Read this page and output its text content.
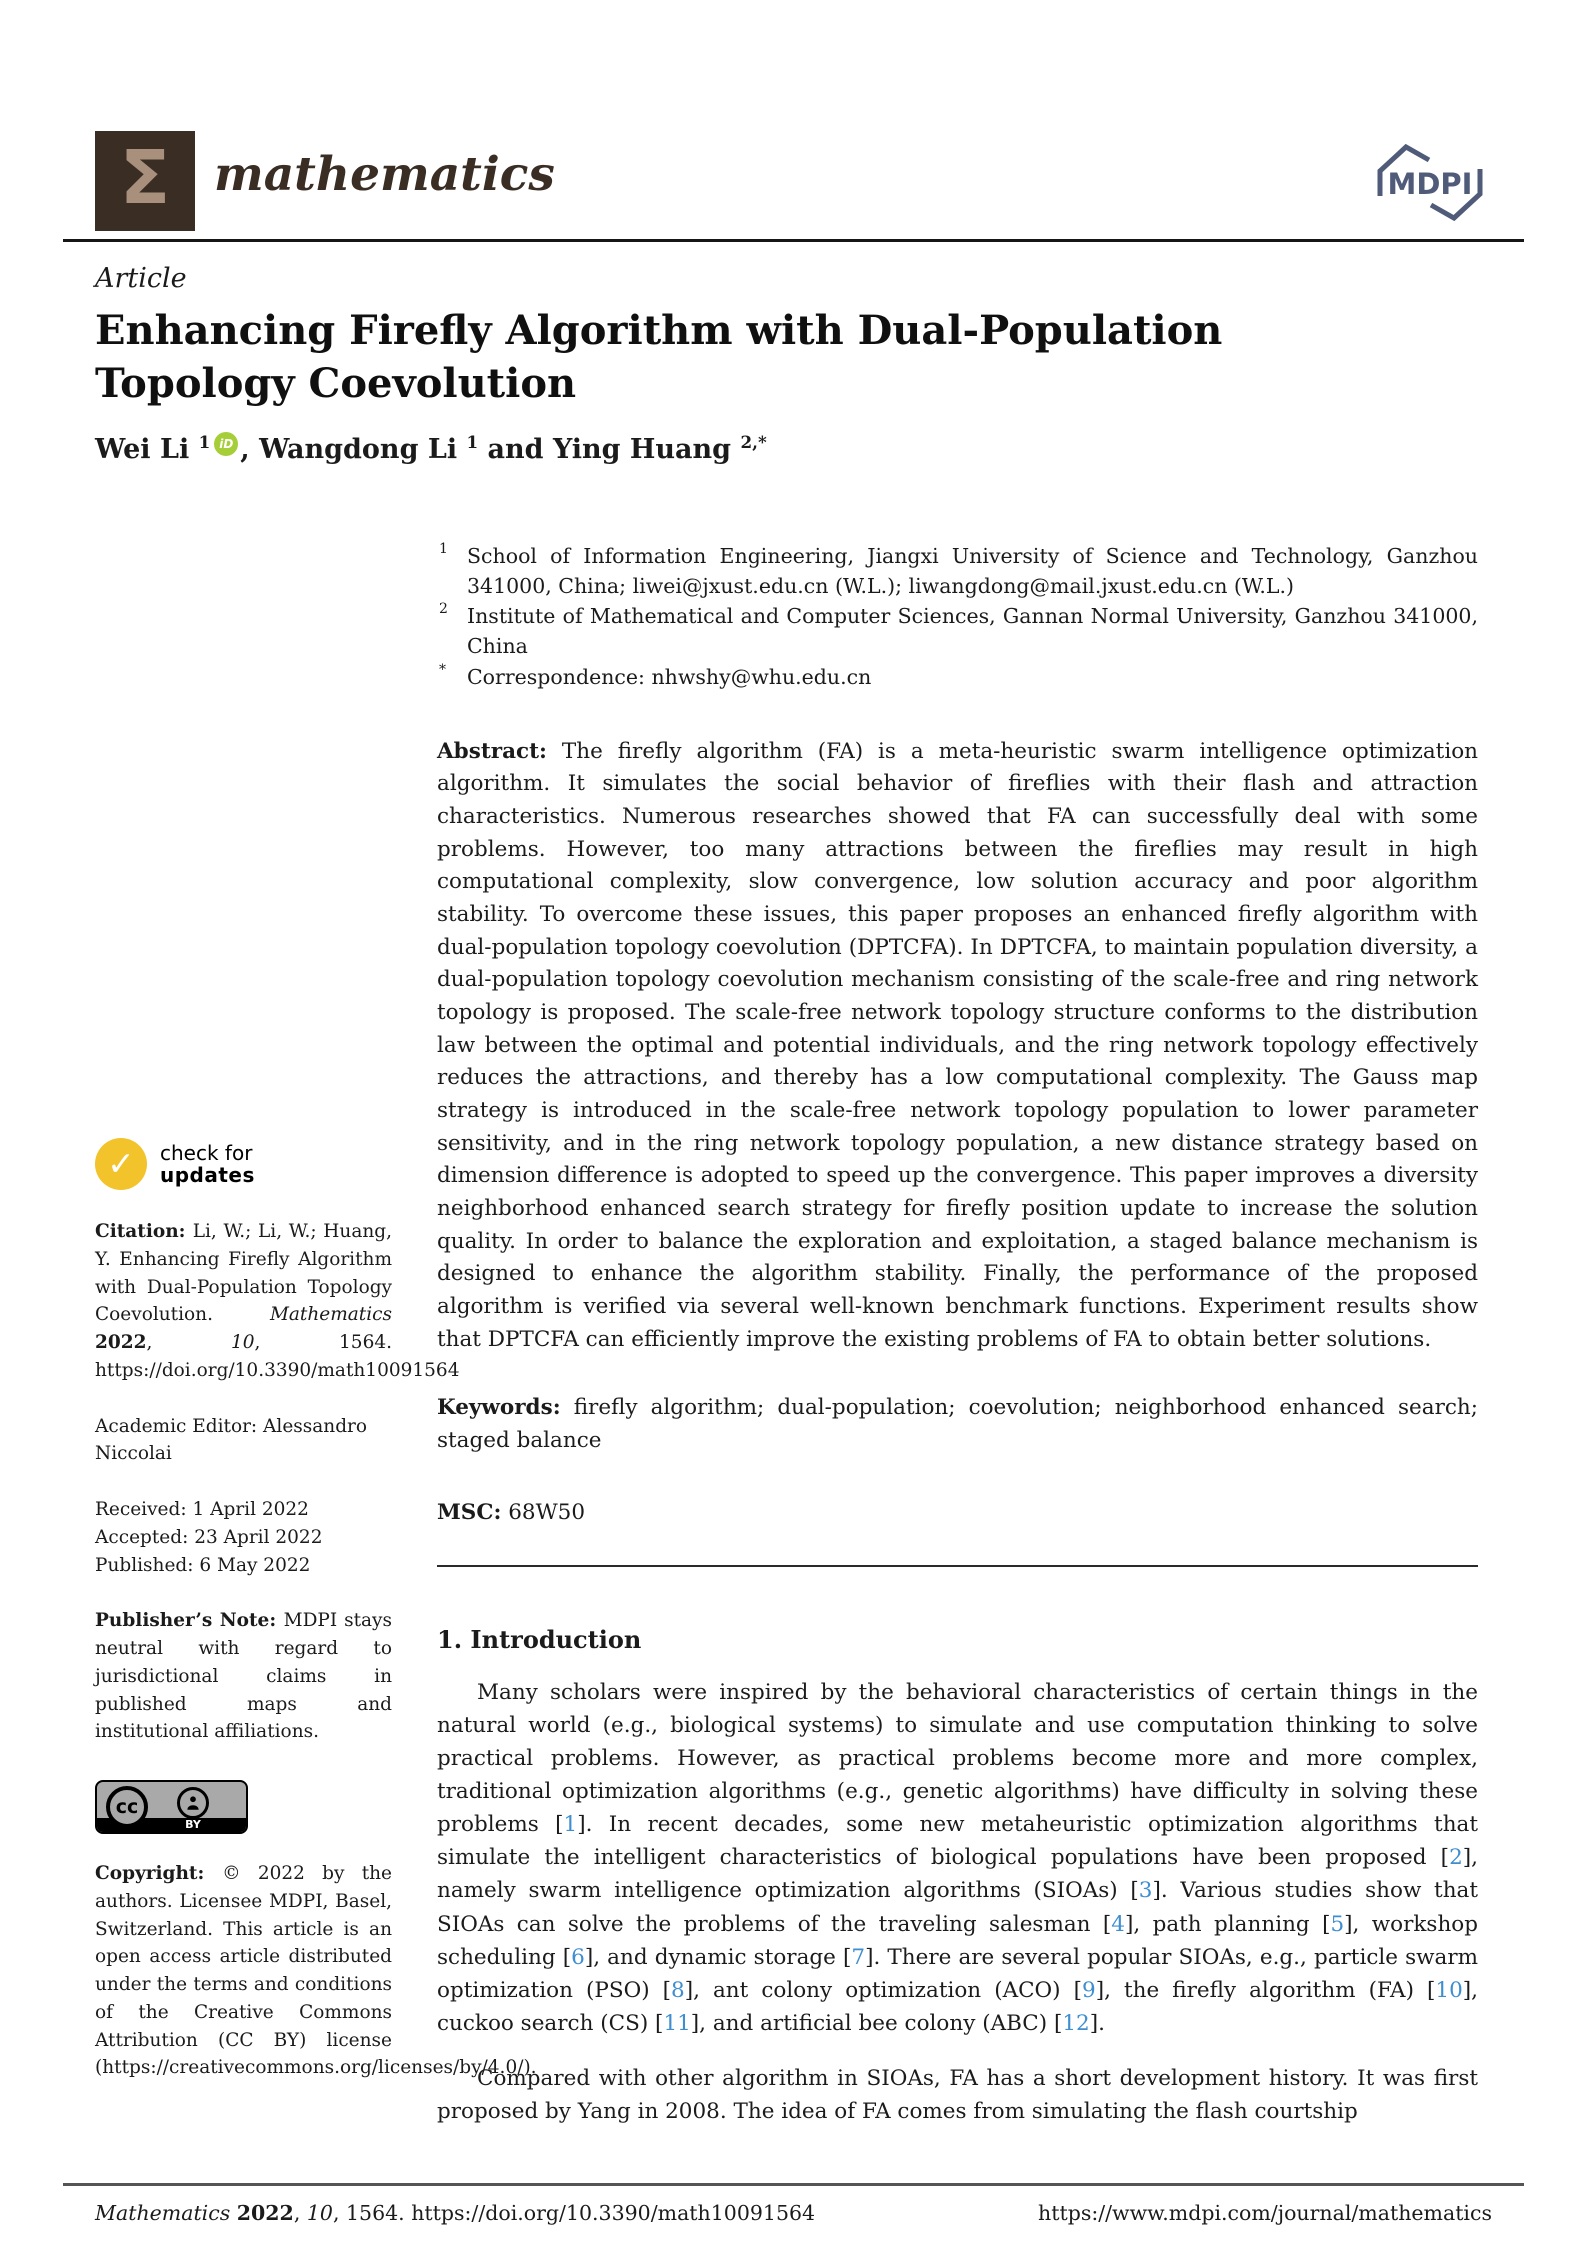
Σ mathematics	MDPI
Article
Enhancing Firefly Algorithm with Dual-Population Topology Coevolution
Wei Li $^1$ iD , Wangdong Li $^1$ and Ying Huang $^{2,*}$
✓	check for
updates

Citation: Li, W.; Li, W.; Huang, Y. Enhancing Firefly Algorithm with Dual-Population Topology Coevolution. Mathematics 2022, 10, 1564. https://doi.org/10.3390/math10091564

Academic Editor: Alessandro Niccolai

Received: 1 April 2022

Accepted: 23 April 2022

Published: 6 May 2022

Publisher’s Note: MDPI stays neutral with regard to jurisdictional claims in published maps and institutional affiliations.

cc
BY

Copyright: © 2022 by the authors. Licensee MDPI, Basel, Switzerland. This article is an open access article distributed under the terms and conditions of the Creative Commons Attribution (CC BY) license (https://creativecommons.org/licenses/by/4.0/).

1 School of Information Engineering, Jiangxi University of Science and Technology, Ganzhou 341000, China; liwei@jxust.edu.cn (W.L.); liwangdong@mail.jxust.edu.cn (W.L.)
2 Institute of Mathematical and Computer Sciences, Gannan Normal University, Ganzhou 341000, China
*	Correspondence: nhwshy@whu.edu.cn

Abstract: The firefly algorithm (FA) is a meta-heuristic swarm intelligence optimization algorithm. It simulates the social behavior of fireflies with their flash and attraction characteristics. Numerous researches showed that FA can successfully deal with some problems. However, too many attractions between the fireflies may result in high computational complexity, slow convergence, low solution accuracy and poor algorithm stability. To overcome these issues, this paper proposes an enhanced firefly algorithm with dual-population topology coevolution (DPTCFA). In DPTCFA, to maintain population diversity, a dual-population topology coevolution mechanism consisting of the scale-free and ring network topology is proposed. The scale-free network topology structure conforms to the distribution law between the optimal and potential individuals, and the ring network topology effectively reduces the attractions, and thereby has a low computational complexity. The Gauss map strategy is introduced in the scale-free network topology population to lower parameter sensitivity, and in the ring network topology population, a new distance strategy based on dimension difference is adopted to speed up the convergence. This paper improves a diversity neighborhood enhanced search strategy for firefly position update to increase the solution quality. In order to balance the exploration and exploitation, a staged balance mechanism is designed to enhance the algorithm stability. Finally, the performance of the proposed algorithm is verified via several well-known benchmark functions. Experiment results show that DPTCFA can efficiently improve the existing problems of FA to obtain better solutions.

Keywords: firefly algorithm; dual-population; coevolution; neighborhood enhanced search; staged balance

MSC: 68W50

1. Introduction

Many scholars were inspired by the behavioral characteristics of certain things in the natural world (e.g., biological systems) to simulate and use computation thinking to solve practical problems. However, as practical problems become more and more complex, traditional optimization algorithms (e.g., genetic algorithms) have difficulty in solving these problems [1]. In recent decades, some new metaheuristic optimization algorithms that simulate the intelligent characteristics of biological populations have been proposed [2], namely swarm intelligence optimization algorithms (SIOAs) [3]. Various studies show that SIOAs can solve the problems of the traveling salesman [4], path planning [5], workshop scheduling [6], and dynamic storage [7]. There are several popular SIOAs, e.g., particle swarm optimization (PSO) [8], ant colony optimization (ACO) [9], the firefly algorithm (FA) [10], cuckoo search (CS) [11], and artificial bee colony (ABC) [12].

Compared with other algorithm in SIOAs, FA has a short development history. It was first proposed by Yang in 2008. The idea of FA comes from simulating the flash courtship

Mathematics 2022, 10, 1564. https://doi.org/10.3390/math10091564	https://www.mdpi.com/journal/mathematics
